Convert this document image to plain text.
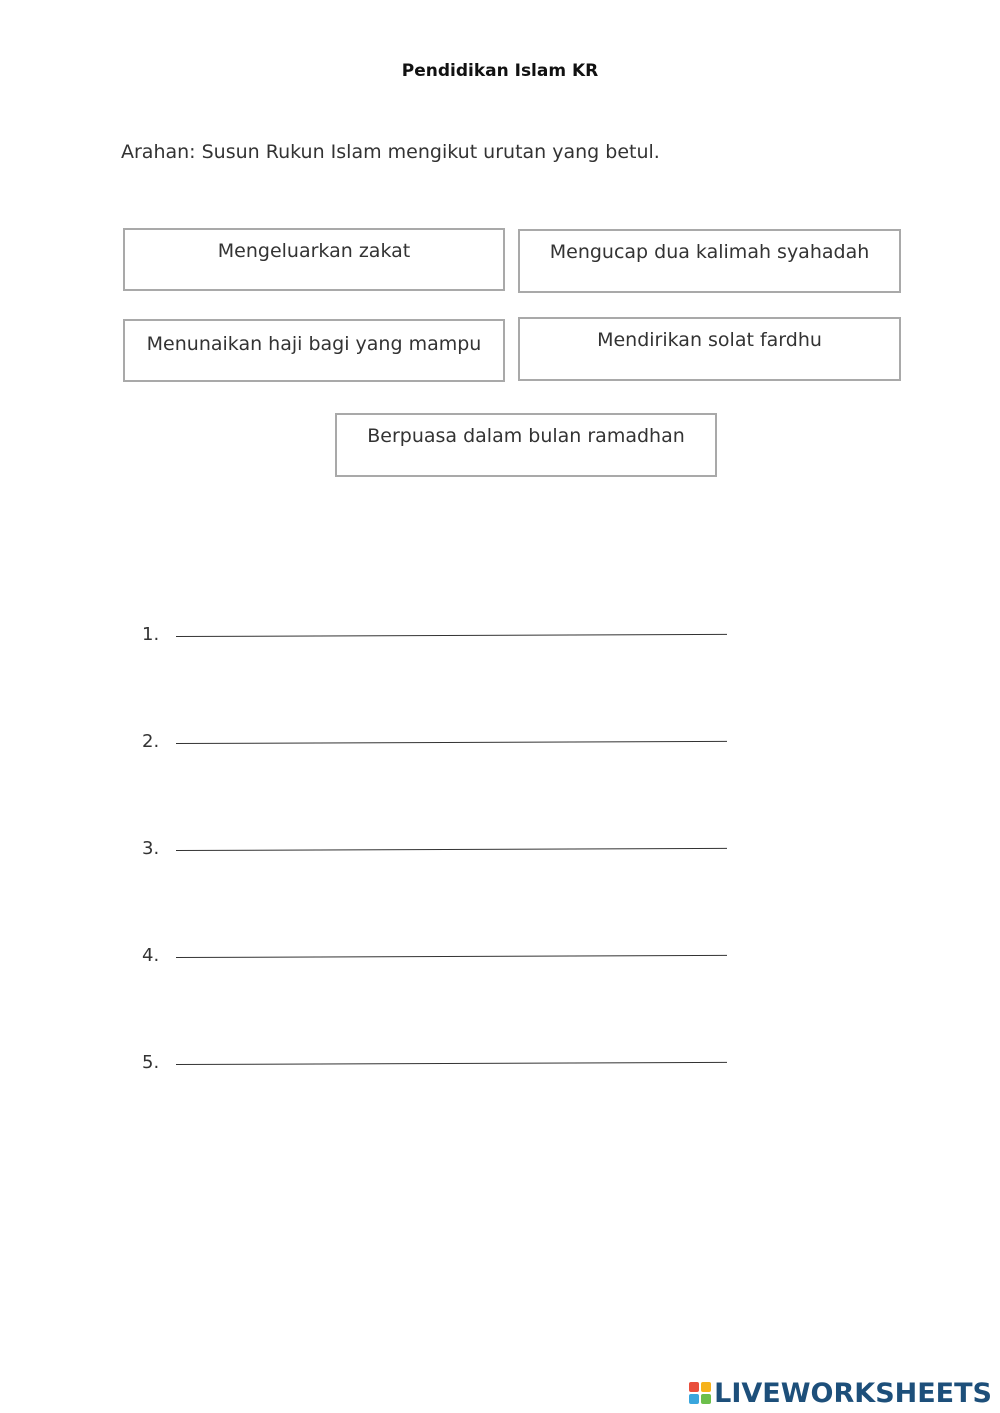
Pendidikan Islam KR
Arahan: Susun Rukun Islam mengikut urutan yang betul.
Mengeluarkan zakat	Mengucap dua kalimah syahadah
Menunaikan haji bagi yang mampu	Mendirikan solat fardhu
Berpuasa dalam bulan ramadhan
1.
2.
3.
4.
5.
LIVEWORKSHEETS
